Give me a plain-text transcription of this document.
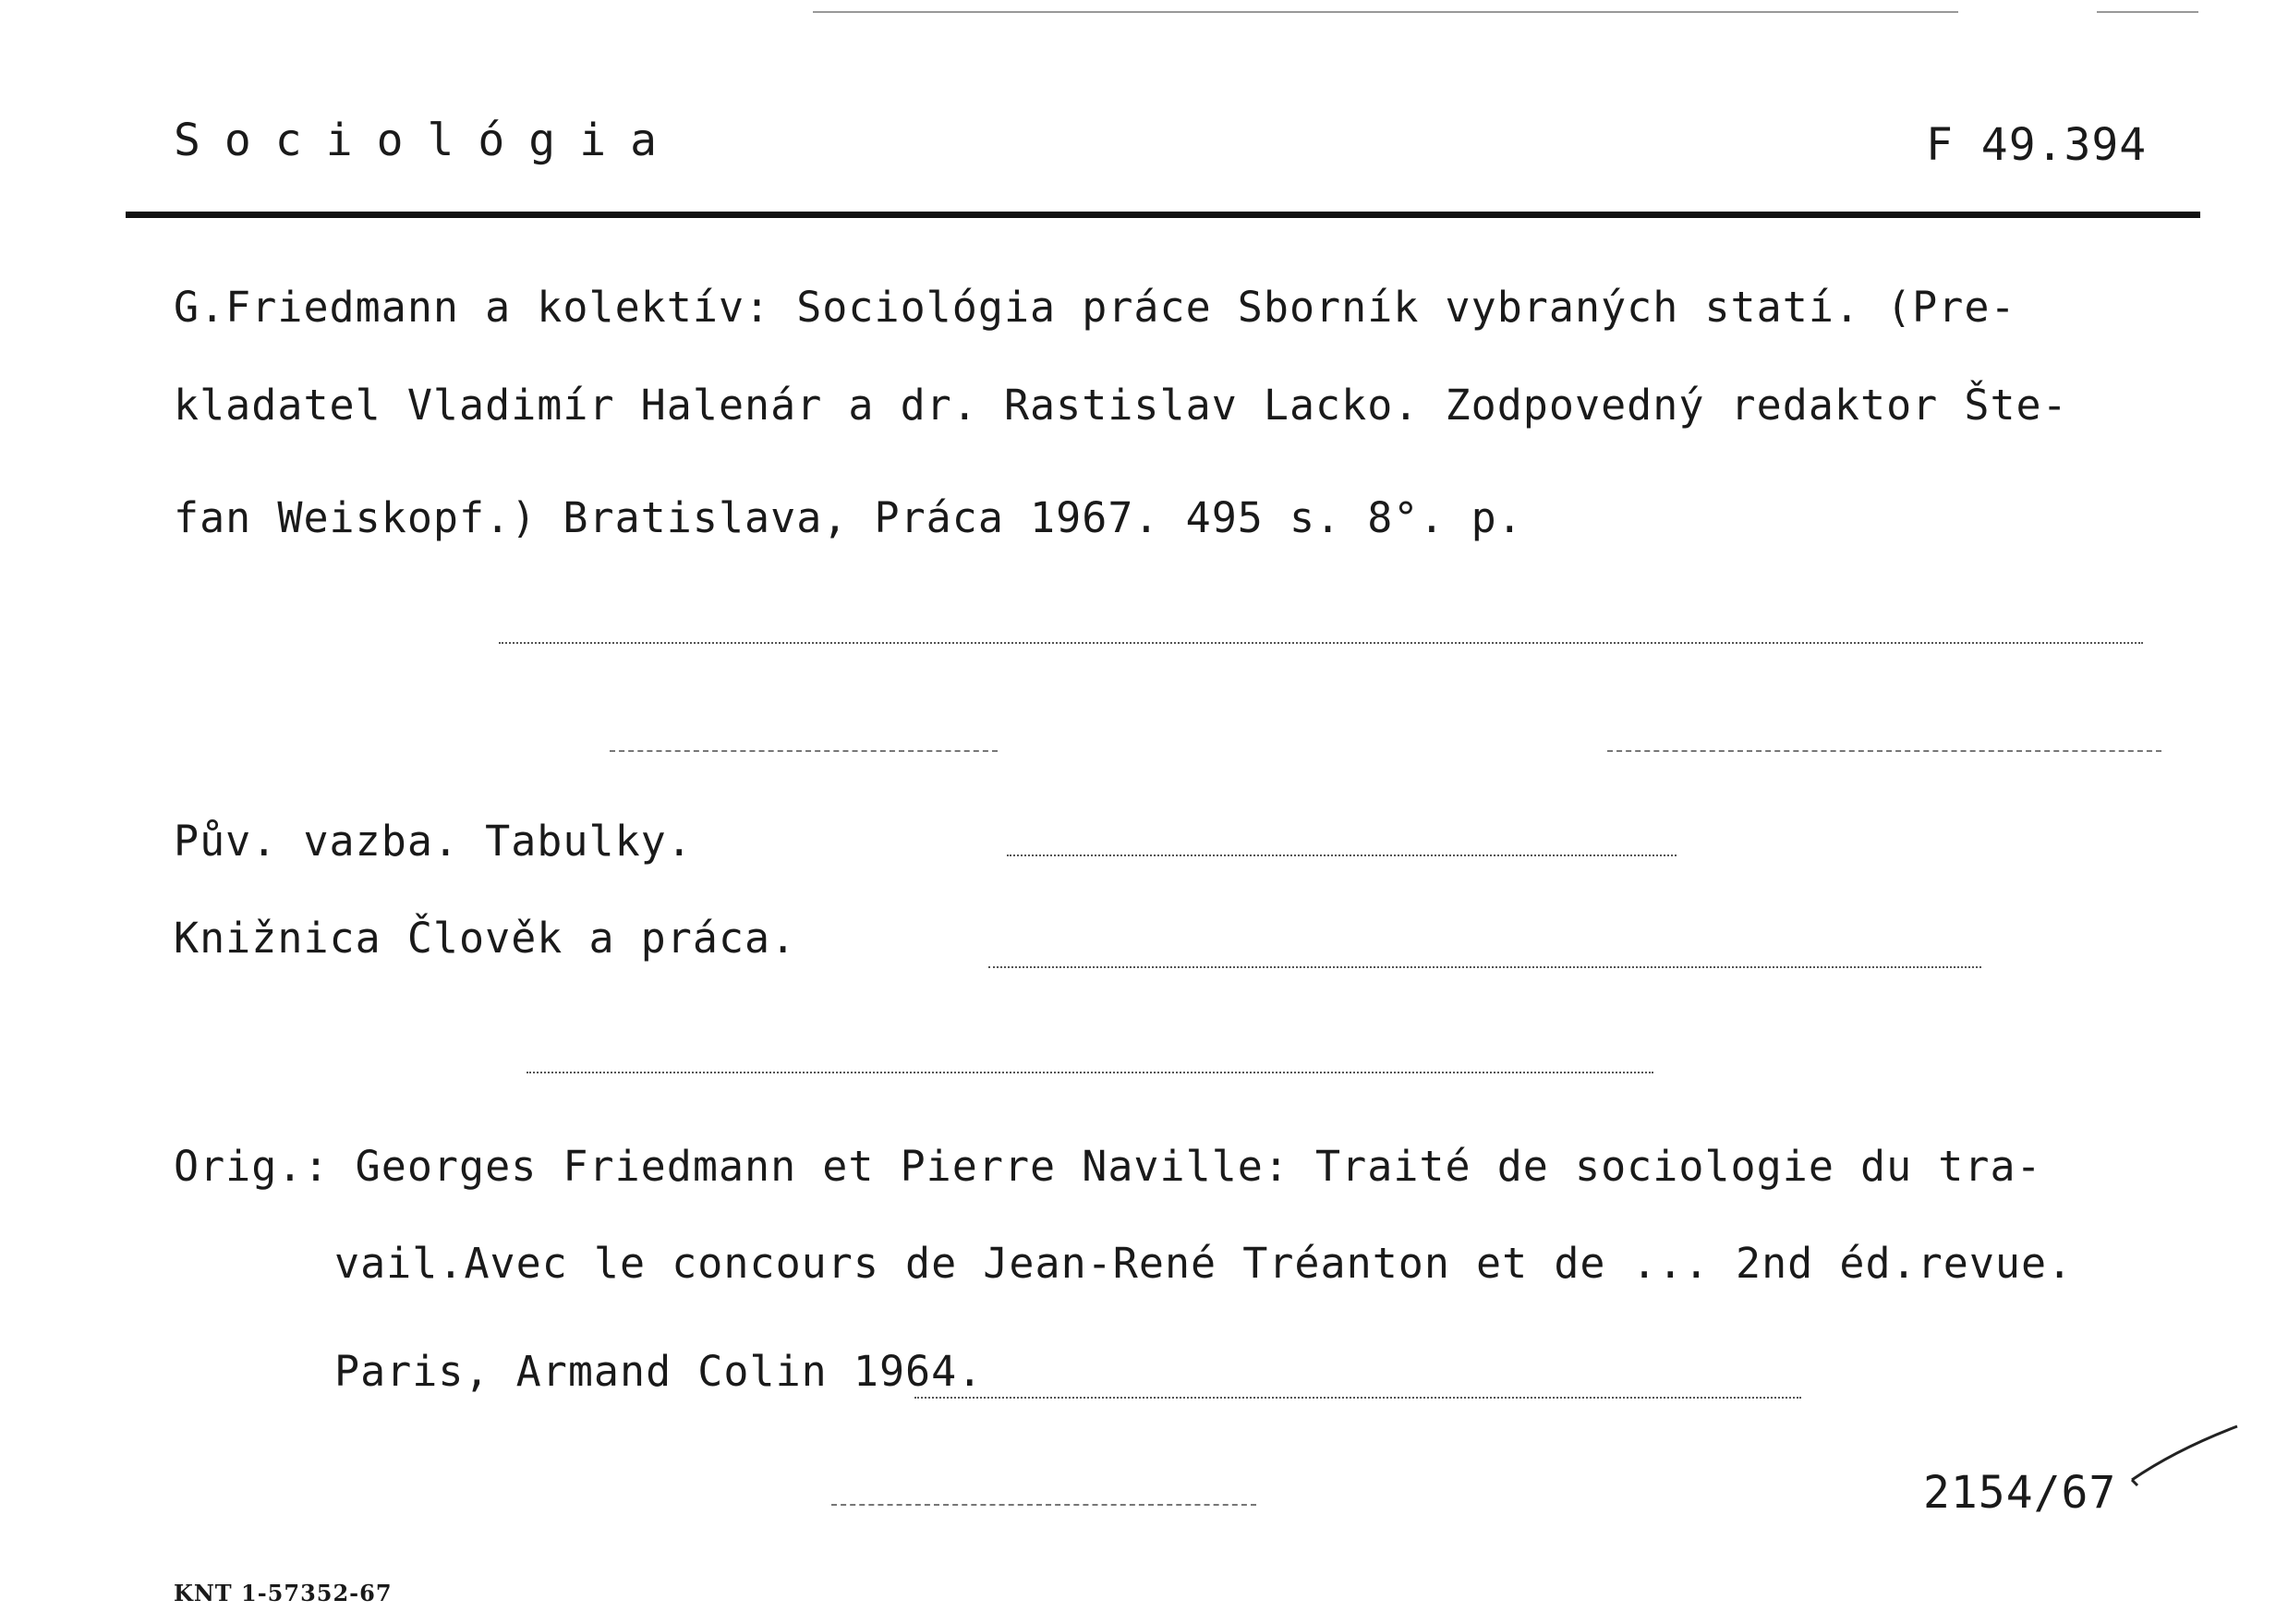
Sociológia	F 49.394
G.Friedmann a kolektív: Sociológia práce Sborník vybraných statí. (Pre-
kladatel Vladimír Halenár a dr. Rastislav Lacko. Zodpovedný redaktor Šte-
fan Weiskopf.) Bratislava, Práca 1967. 495 s. 8°. p.
Pův. vazba. Tabulky.
Knižnica Člověk a práca.
Orig.: Georges Friedmann et Pierre Naville: Traité de sociologie du tra-
vail.Avec le concours de Jean-René Tréanton et de ... 2nd éd.revue.
Paris, Armand Colin 1964.
2154/67
KNT 1-57352-67
